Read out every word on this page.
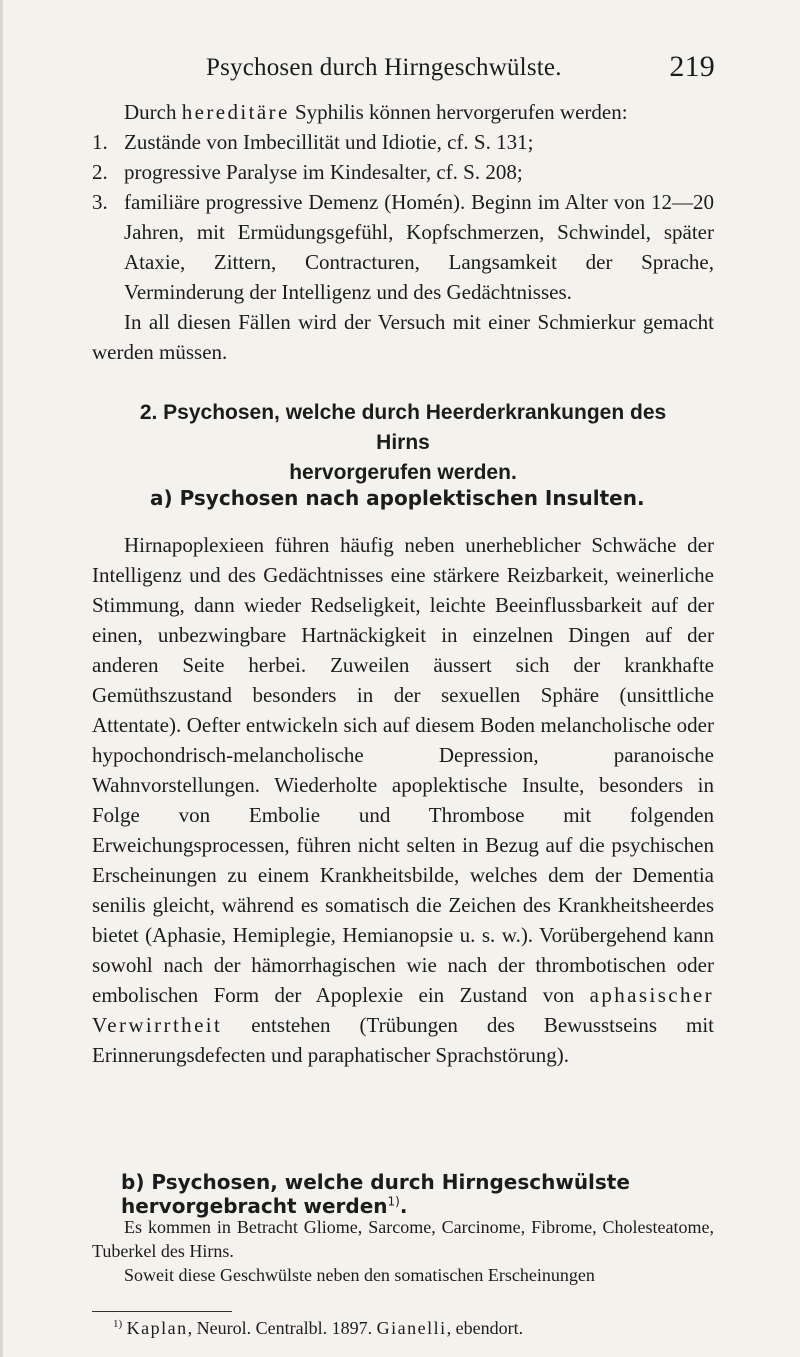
Psychosen durch Hirngeschwülste.	219
Durch hereditäre Syphilis können hervorgerufen werden:
1. Zustände von Imbecillität und Idiotie, cf. S. 131;
2. progressive Paralyse im Kindesalter, cf. S. 208;
3. familiäre progressive Demenz (Homén). Beginn im Alter von 12—20 Jahren, mit Ermüdungsgefühl, Kopfschmerzen, Schwindel, später Ataxie, Zittern, Contracturen, Langsamkeit der Sprache, Verminderung der Intelligenz und des Gedächtnisses.
In all diesen Fällen wird der Versuch mit einer Schmierkur gemacht werden müssen.
2. Psychosen, welche durch Heerderkrankungen des Hirns
hervorgerufen werden.
a) Psychosen nach apoplektischen Insulten.
Hirnapoplexieen führen häufig neben unerheblicher Schwäche der Intelligenz und des Gedächtnisses eine stärkere Reizbarkeit, weinerliche Stimmung, dann wieder Redseligkeit, leichte Beeinflussbarkeit auf der einen, unbezwingbare Hartnäckigkeit in einzelnen Dingen auf der anderen Seite herbei. Zuweilen äussert sich der krankhafte Gemüthszustand besonders in der sexuellen Sphäre (unsittliche Attentate). Oefter entwickeln sich auf diesem Boden melancholische oder hypochondrisch-melancholische Depression, paranoische Wahnvorstellungen. Wiederholte apoplektische Insulte, besonders in Folge von Embolie und Thrombose mit folgenden Erweichungsprocessen, führen nicht selten in Bezug auf die psychischen Erscheinungen zu einem Krankheitsbilde, welches dem der Dementia senilis gleicht, während es somatisch die Zeichen des Krankheitsheerdes bietet (Aphasie, Hemiplegie, Hemianopsie u. s. w.). Vorübergehend kann sowohl nach der hämorrhagischen wie nach der thrombotischen oder embolischen Form der Apoplexie ein Zustand von aphasischer Verwirrtheit entstehen (Trübungen des Bewusstseins mit Erinnerungsdefecten und paraphatischer Sprachstörung).
b) Psychosen, welche durch Hirngeschwülste hervorgebracht werden$^{1)}$.
Es kommen in Betracht Gliome, Sarcome, Carcinome, Fibrome, Cholesteatome, Tuberkel des Hirns.
Soweit diese Geschwülste neben den somatischen Erscheinungen
$^{1)}$ Kaplan, Neurol. Centralbl. 1897. Gianelli, ebendort.
